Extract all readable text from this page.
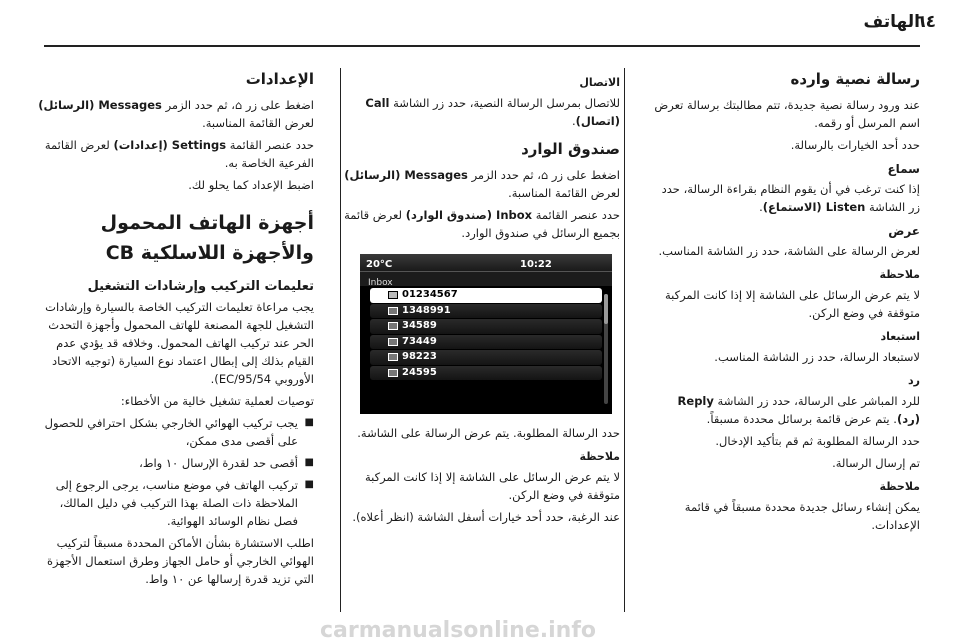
الهاتف
٦٤
رسالة نصية وارده

عند ورود رسالة نصية جديدة، تتم مطالبتك برسالة تعرض اسم المرسل أو رقمه.

حدد أحد الخيارات بالرسالة.

سماع

إذا كنت ترغب في أن يقوم النظام بقراءة الرسالة، حدد زر الشاشة Listen (الاستماع).

عرض

لعرض الرسالة على الشاشة، حدد زر الشاشة المناسب.

ملاحظة

لا يتم عرض الرسائل على الشاشة إلا إذا كانت المركبة متوقفة في وضع الركن.

استبعاد

لاستبعاد الرسالة، حدد زر الشاشة المناسب.

رد

للرد المباشر على الرسالة، حدد زر الشاشة Reply (رد). يتم عرض قائمة برسائل محددة مسبقاً.

حدد الرسالة المطلوبة ثم قم بتأكيد الإدخال.

تم إرسال الرسالة.

ملاحظة

يمكن إنشاء رسائل جديدة محددة مسبقاً في قائمة الإعدادات.

الاتصال

للاتصال بمرسل الرسالة النصية، حدد زر الشاشة Call (اتصال).

صندوق الوارد

اضغط على زر ⌂، ثم حدد الزمر Messages (الرسائل) لعرض القائمة المناسبة.

حدد عنصر القائمة Inbox (صندوق الوارد) لعرض قائمة بجميع الرسائل في صندوق الوارد.

20°C	10:22
Inbox
01234567
1348991
34589
73449
98223
24595

حدد الرسالة المطلوبة. يتم عرض الرسالة على الشاشة.

ملاحظة

لا يتم عرض الرسائل على الشاشة إلا إذا كانت المركبة متوقفة في وضع الركن.

عند الرغبة، حدد أحد خيارات أسفل الشاشة (انظر أعلاه).

الإعدادات

اضغط على زر ⌂، ثم حدد الزمر Messages (الرسائل) لعرض القائمة المناسبة.

حدد عنصر القائمة Settings (إعدادات) لعرض القائمة الفرعية الخاصة به.

اضبط الإعداد كما يحلو لك.

أجهزة الهاتف المحمول والأجهزة اللاسلكية CB
تعليمات التركيب وإرشادات التشغيل

يجب مراعاة تعليمات التركيب الخاصة بالسيارة وإرشادات التشغيل للجهة المصنعة للهاتف المحمول وأجهزة التحدث الحر عند تركيب الهاتف المحمول. وخلافه قد يؤدي عدم القيام بذلك إلى إبطال اعتماد نوع السيارة (توجيه الاتحاد الأوروبي 95/54/EC).

توصيات لعملية تشغيل خالية من الأخطاء:

■ يجب تركيب الهوائي الخارجي بشكل احترافي للحصول على أقصى مدى ممكن،
■ أقصى حد لقدرة الإرسال ١٠ واط،
■ تركيب الهاتف في موضع مناسب، يرجى الرجوع إلى الملاحظة ذات الصلة بهذا التركيب في دليل المالك، فصل نظام الوسائد الهوائية.

اطلب الاستشارة بشأن الأماكن المحددة مسبقاً لتركيب الهوائي الخارجي أو حامل الجهاز وطرق استعمال الأجهزة التي تزيد قدرة إرسالها عن ١٠ واط.

carmanualsonline.info
